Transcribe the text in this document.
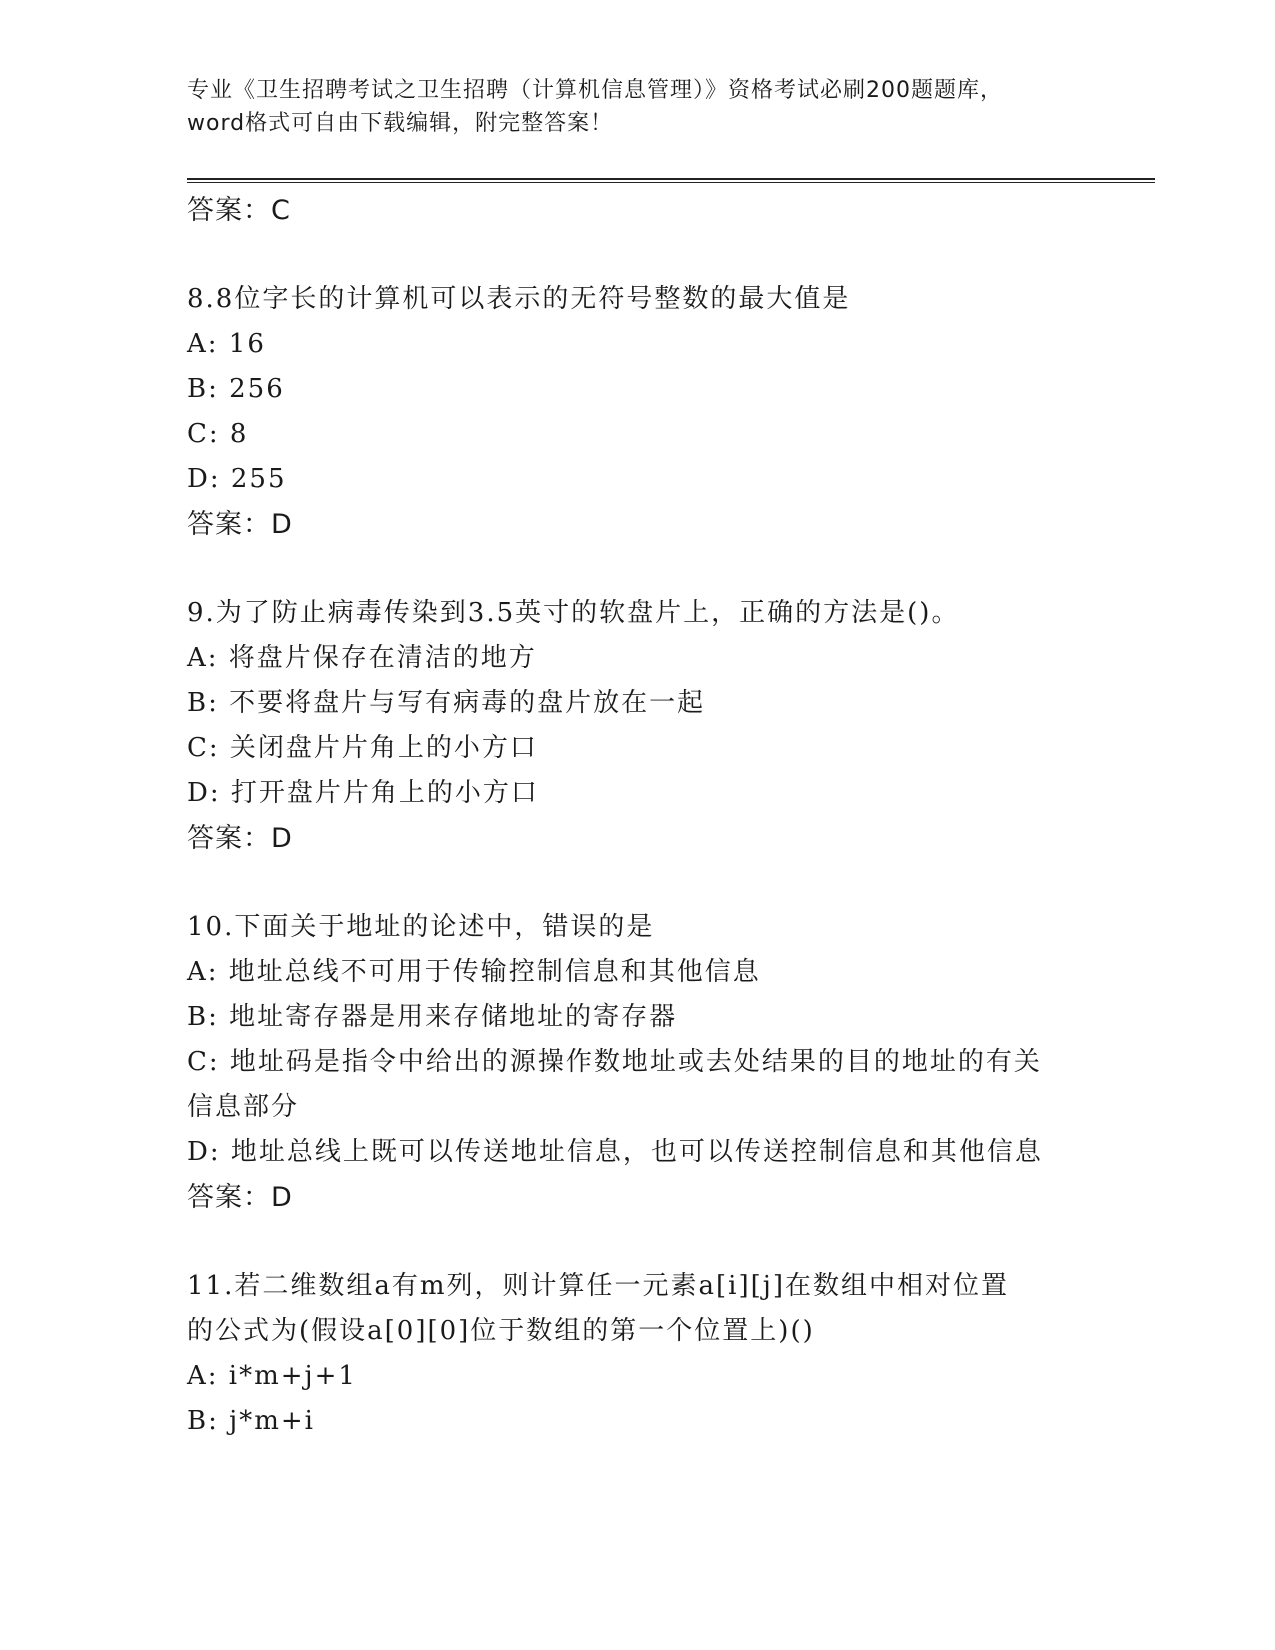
专业《卫生招聘考试之卫生招聘（计算机信息管理）》资格考试必刷200题题库，
word格式可自由下载编辑，附完整答案！
答案：C
8.8位字长的计算机可以表示的无符号整数的最大值是
A: 16
B: 256
C: 8
D: 255
答案：D
9.为了防止病毒传染到3.5英寸的软盘片上，正确的方法是()。
A: 将盘片保存在清洁的地方
B: 不要将盘片与写有病毒的盘片放在一起
C: 关闭盘片片角上的小方口
D: 打开盘片片角上的小方口
答案：D
10.下面关于地址的论述中，错误的是
A: 地址总线不可用于传输控制信息和其他信息
B: 地址寄存器是用来存储地址的寄存器
C: 地址码是指令中给出的源操作数地址或去处结果的目的地址的有关
信息部分
D: 地址总线上既可以传送地址信息，也可以传送控制信息和其他信息
答案：D
11.若二维数组a有m列，则计算任一元素a[i][j]在数组中相对位置
的公式为(假设a[0][0]位于数组的第一个位置上)()
A: i*m+j+1
B: j*m+i
